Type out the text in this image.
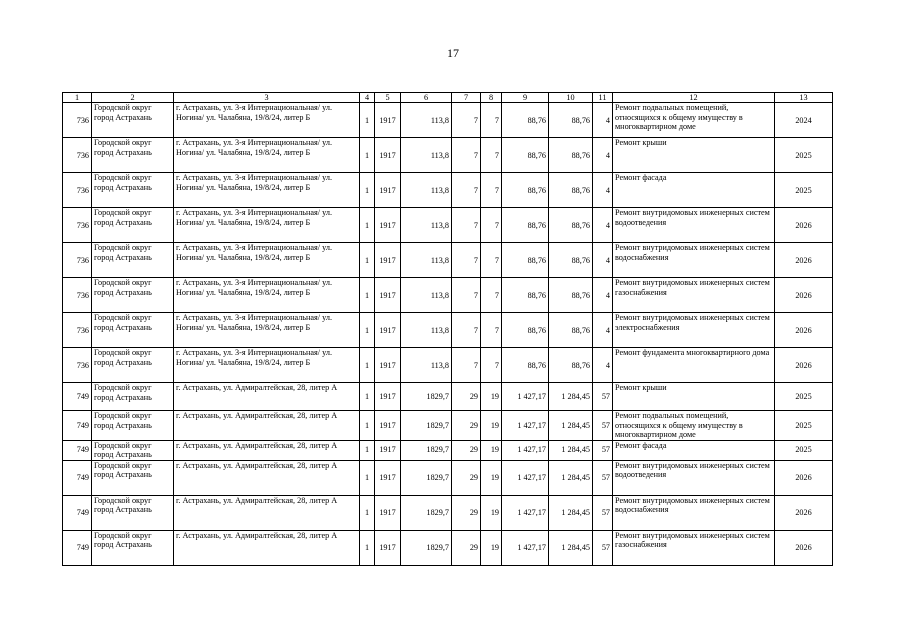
17
1	2	3	4	5	6	7	8	9	10	11	12	13
736	Городской округ город Астрахань	г. Астрахань, ул. 3-я Интернациональная/ ул. Ногина/ ул. Чалабяна, 19/8/24, литер Б	1	1917	113,8	7	7	88,76	88,76	4	Ремонт подвальных помещений, относящихся к общему имуществу в многоквартирном доме	2024
736	Городской округ город Астрахань	г. Астрахань, ул. 3-я Интернациональная/ ул. Ногина/ ул. Чалабяна, 19/8/24, литер Б	1	1917	113,8	7	7	88,76	88,76	4	Ремонт крыши	2025
736	Городской округ город Астрахань	г. Астрахань, ул. 3-я Интернациональная/ ул. Ногина/ ул. Чалабяна, 19/8/24, литер Б	1	1917	113,8	7	7	88,76	88,76	4	Ремонт фасада	2025
736	Городской округ город Астрахань	г. Астрахань, ул. 3-я Интернациональная/ ул. Ногина/ ул. Чалабяна, 19/8/24, литер Б	1	1917	113,8	7	7	88,76	88,76	4	Ремонт внутридомовых инженерных систем водоотведения	2026
736	Городской округ город Астрахань	г. Астрахань, ул. 3-я Интернациональная/ ул. Ногина/ ул. Чалабяна, 19/8/24, литер Б	1	1917	113,8	7	7	88,76	88,76	4	Ремонт внутридомовых инженерных систем водоснабжения	2026
736	Городской округ город Астрахань	г. Астрахань, ул. 3-я Интернациональная/ ул. Ногина/ ул. Чалабяна, 19/8/24, литер Б	1	1917	113,8	7	7	88,76	88,76	4	Ремонт внутридомовых инженерных систем газоснабжения	2026
736	Городской округ город Астрахань	г. Астрахань, ул. 3-я Интернациональная/ ул. Ногина/ ул. Чалабяна, 19/8/24, литер Б	1	1917	113,8	7	7	88,76	88,76	4	Ремонт внутридомовых инженерных систем электроснабжения	2026
736	Городской округ город Астрахань	г. Астрахань, ул. 3-я Интернациональная/ ул. Ногина/ ул. Чалабяна, 19/8/24, литер Б	1	1917	113,8	7	7	88,76	88,76	4	Ремонт фундамента многоквартирного дома	2026
749	Городской округ город Астрахань	г. Астрахань, ул. Адмиралтейская, 28, литер А	1	1917	1829,7	29	19	1 427,17	1 284,45	57	Ремонт крыши	2025
749	Городской округ город Астрахань	г. Астрахань, ул. Адмиралтейская, 28, литер А	1	1917	1829,7	29	19	1 427,17	1 284,45	57	Ремонт подвальных помещений, относящихся к общему имуществу в многоквартирном доме	2025
749	Городской округ город Астрахань	г. Астрахань, ул. Адмиралтейская, 28, литер А	1	1917	1829,7	29	19	1 427,17	1 284,45	57	Ремонт фасада	2025
749	Городской округ город Астрахань	г. Астрахань, ул. Адмиралтейская, 28, литер А	1	1917	1829,7	29	19	1 427,17	1 284,45	57	Ремонт внутридомовых инженерных систем водоотведения	2026
749	Городской округ город Астрахань	г. Астрахань, ул. Адмиралтейская, 28, литер А	1	1917	1829,7	29	19	1 427,17	1 284,45	57	Ремонт внутридомовых инженерных систем водоснабжения	2026
749	Городской округ город Астрахань	г. Астрахань, ул. Адмиралтейская, 28, литер А	1	1917	1829,7	29	19	1 427,17	1 284,45	57	Ремонт внутридомовых инженерных систем газоснабжения	2026
